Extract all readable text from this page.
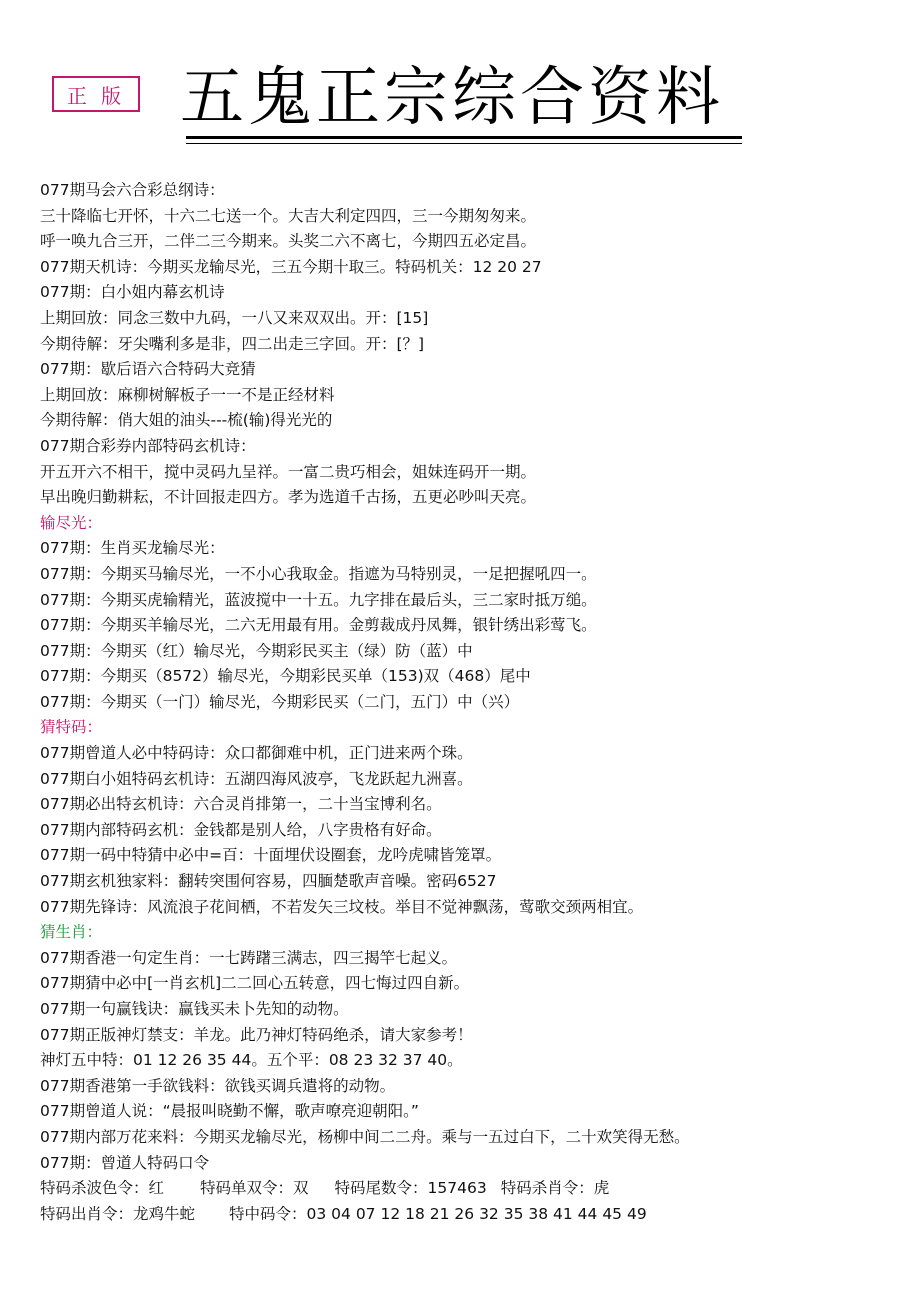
正 版 五鬼正宗综合资料
077期马会六合彩总纲诗：
三十降临七开怀，十六二七送一个。大吉大利定四四，三一今期匆匆来。
呼一唤九合三开，二伴二三今期来。头奖二六不离七，今期四五必定昌。
077期天机诗：今期买龙输尽光，三五今期十取三。特码机关：12 20 27
077期：白小姐内幕玄机诗
上期回放：同念三数中九码，一八又来双双出。开：[15]
今期待解：牙尖嘴利多是非，四二出走三字回。开：[？]
077期：歇后语六合特码大竞猜
上期回放：麻柳树解板子一一不是正经材料
今期待解：俏大姐的油头---梳(输)得光光的
077期合彩券内部特码玄机诗：
开五开六不相干，搅中灵码九呈祥。一富二贵巧相会，姐妹连码开一期。
早出晚归勤耕耘，不计回报走四方。孝为选道千古扬，五更必吵叫天亮。
输尽光：
077期：生肖买龙输尽光：
077期：今期买马输尽光，一不小心我取金。指遮为马特别灵，一足把握吼四一。
077期：今期买虎输精光，蓝波搅中一十五。九字排在最后头，三二家时抵万缒。
077期：今期买羊输尽光，二六无用最有用。金剪裁成丹凤舞，银针绣出彩莺飞。
077期：今期买（红）输尽光，今期彩民买主（绿）防（蓝）中
077期：今期买（8572）输尽光，今期彩民买单（153)双（468）尾中
077期：今期买（一门）输尽光，今期彩民买（二门，五门）中（兴）
猜特码：
077期曾道人必中特码诗：众口都御难中机，正门进来两个珠。
077期白小姐特码玄机诗：五湖四海风波亭，飞龙跃起九洲喜。
077期必出特玄机诗：六合灵肖排第一，二十当宝博利名。
077期内部特码玄机：金钱都是别人给，八字贵格有好命。
077期一码中特猜中必中=百：十面埋伏设圈套，龙吟虎啸皆笼罩。
077期玄机独家料：翻转突围何容易，四腼楚歌声音噪。密码6527
077期先锋诗：风流浪子花间栖，不若发矢三坟枝。举目不觉神飘荡，莺歌交颈两相宜。
猜生肖：
077期香港一句定生肖：一七踌躇三满志，四三揭竿七起义。
077期猜中必中[一肖玄机]二二回心五转意，四七悔过四自新。
077期一句赢钱诀：赢钱买未卜先知的动物。
077期正版神灯禁支：羊龙。此乃神灯特码绝杀，请大家参考！
神灯五中特：01 12 26 35 44。五个平：08 23 32 37 40。
077期香港第一手欲钱料：欲钱买调兵遣将的动物。
077期曾道人说：“晨报叫晓勤不懈，歌声嘹亮迎朝阳。”
077期内部万花来料：今期买龙输尽光，杨柳中间二二舟。乘与一五过白下，二十欢笑得无愁。
077期：曾道人特码口令
特码杀波色令：红 特码单双令：双 特码尾数令：157463 特码杀肖令：虎
特码出肖令：龙鸡牛蛇 特中码令：03 04 07 12 18 21 26 32 35 38 41 44 45 49
